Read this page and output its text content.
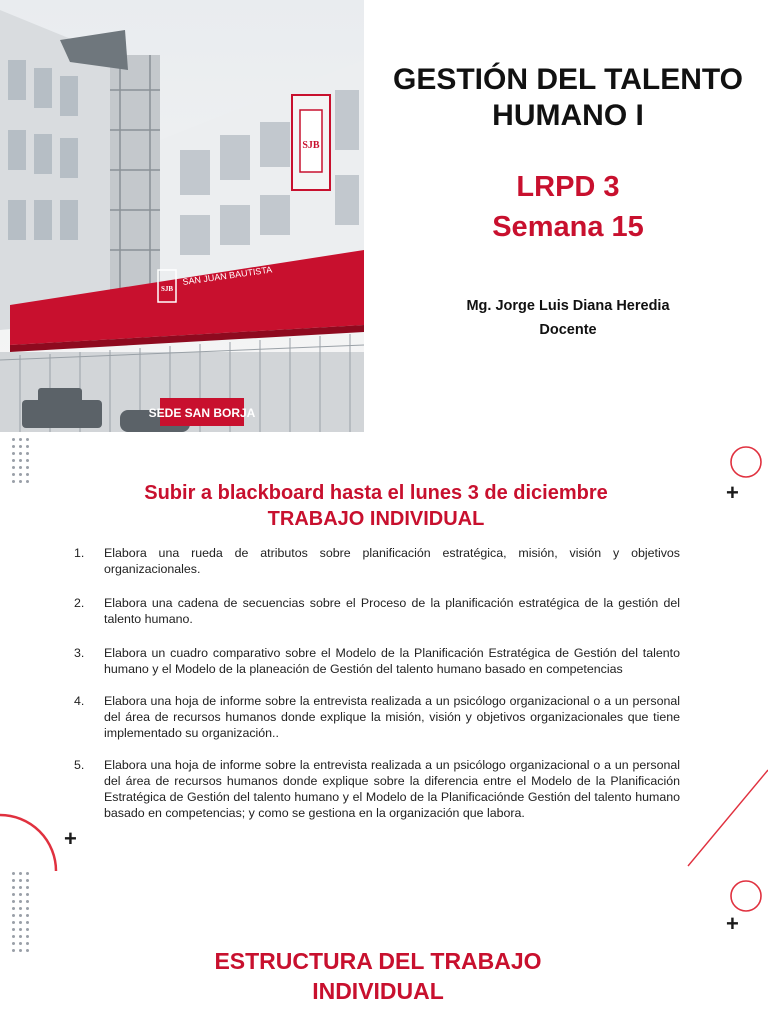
SJB
SJB
SAN JUAN BAUTISTA
SEDE SAN BORJA
GESTIÓN DEL TALENTO HUMANO I
LRPD 3
Semana 15
Mg. Jorge Luis Diana Heredia
Docente
Subir a blackboard hasta el lunes 3 de diciembre
TRABAJO INDIVIDUAL
1. Elabora una rueda de atributos sobre planificación estratégica, misión, visión y objetivos organizacionales.
2. Elabora una cadena de secuencias sobre el Proceso de la planificación estratégica de la gestión del talento humano.
3. Elabora un cuadro comparativo sobre el Modelo de la Planificación Estratégica de Gestión del talento humano y el Modelo de la planeación de Gestión del talento humano basado en competencias
4. Elabora una hoja de informe sobre la entrevista realizada a un psicólogo organizacional o a un personal del área de recursos humanos donde explique la misión, visión y objetivos organizacionales que tiene implementado su organización..
5. Elabora una hoja de informe sobre la entrevista realizada a un psicólogo organizacional o a un personal del área de recursos humanos donde explique sobre la diferencia entre el Modelo de la Planificación Estratégica de Gestión del talento humano y el Modelo de la Planificaciónde Gestión del talento humano basado en competencias; y como se gestiona en la organización que labora.
ESTRUCTURA DEL TRABAJO INDIVIDUAL
+
+
+
